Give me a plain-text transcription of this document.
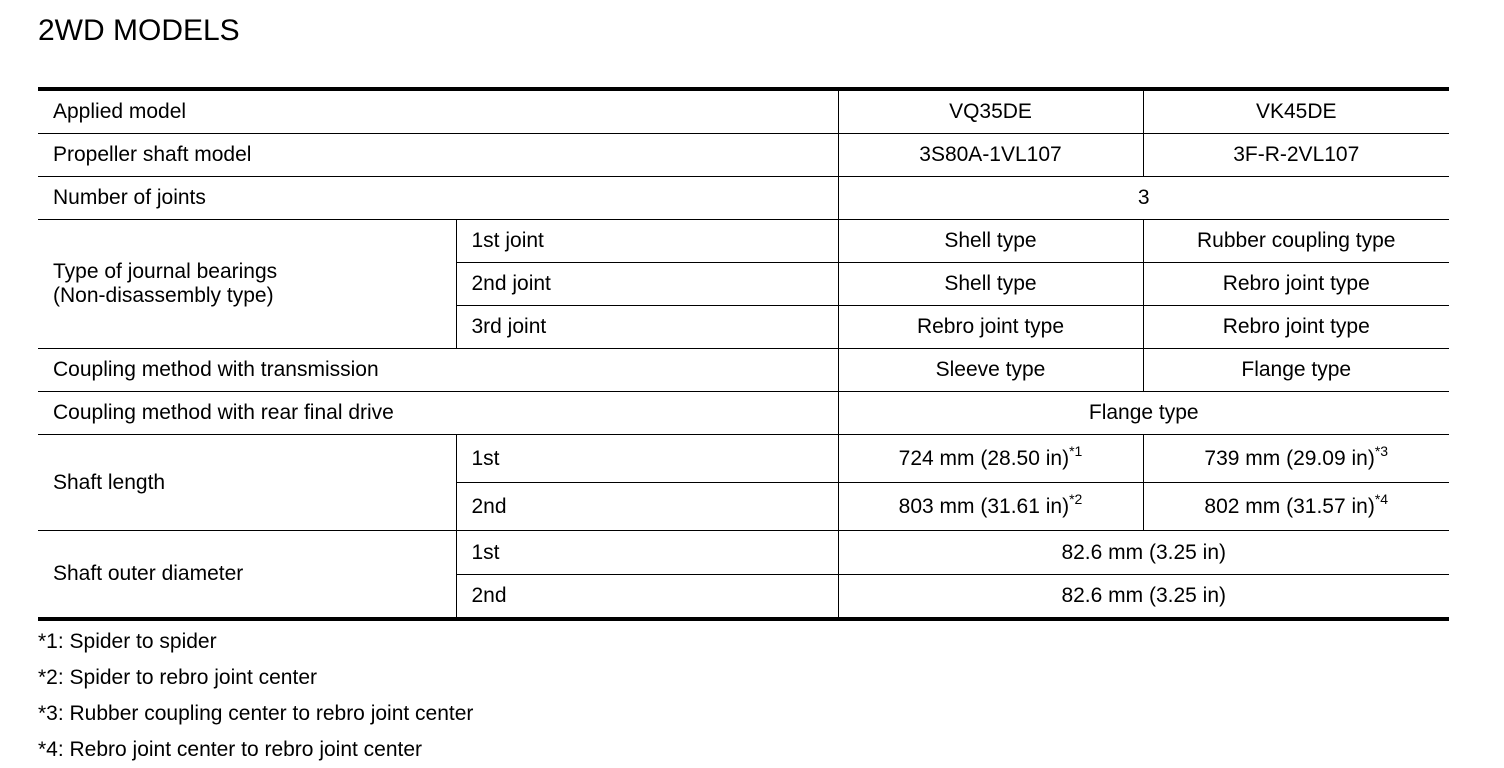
2WD MODELS
Applied model		VQ35DE	VK45DE
Propeller shaft model		3S80A-1VL107	3F-R-2VL107
Number of joints		3	

Type of journal bearings
(Non-disassembly type)	1st joint	Shell type	Rubber coupling type
	2nd joint	Shell type	Rebro joint type
	3rd joint	Rebro joint type	Rebro joint type
Coupling method with transmission		Sleeve type	Flange type
Coupling method with rear final drive		Flange type	
Shaft length	1st	724 mm (28.50 in)$^{*1}$	739 mm (29.09 in)$^{*3}$
	2nd	803 mm (31.61 in)$^{*2}$	802 mm (31.57 in)$^{*4}$
Shaft outer diameter	1st	82.6 mm (3.25 in)	
	2nd	82.6 mm (3.25 in)	
*1: Spider to spider
*2: Spider to rebro joint center
*3: Rubber coupling center to rebro joint center
*4: Rebro joint center to rebro joint center
